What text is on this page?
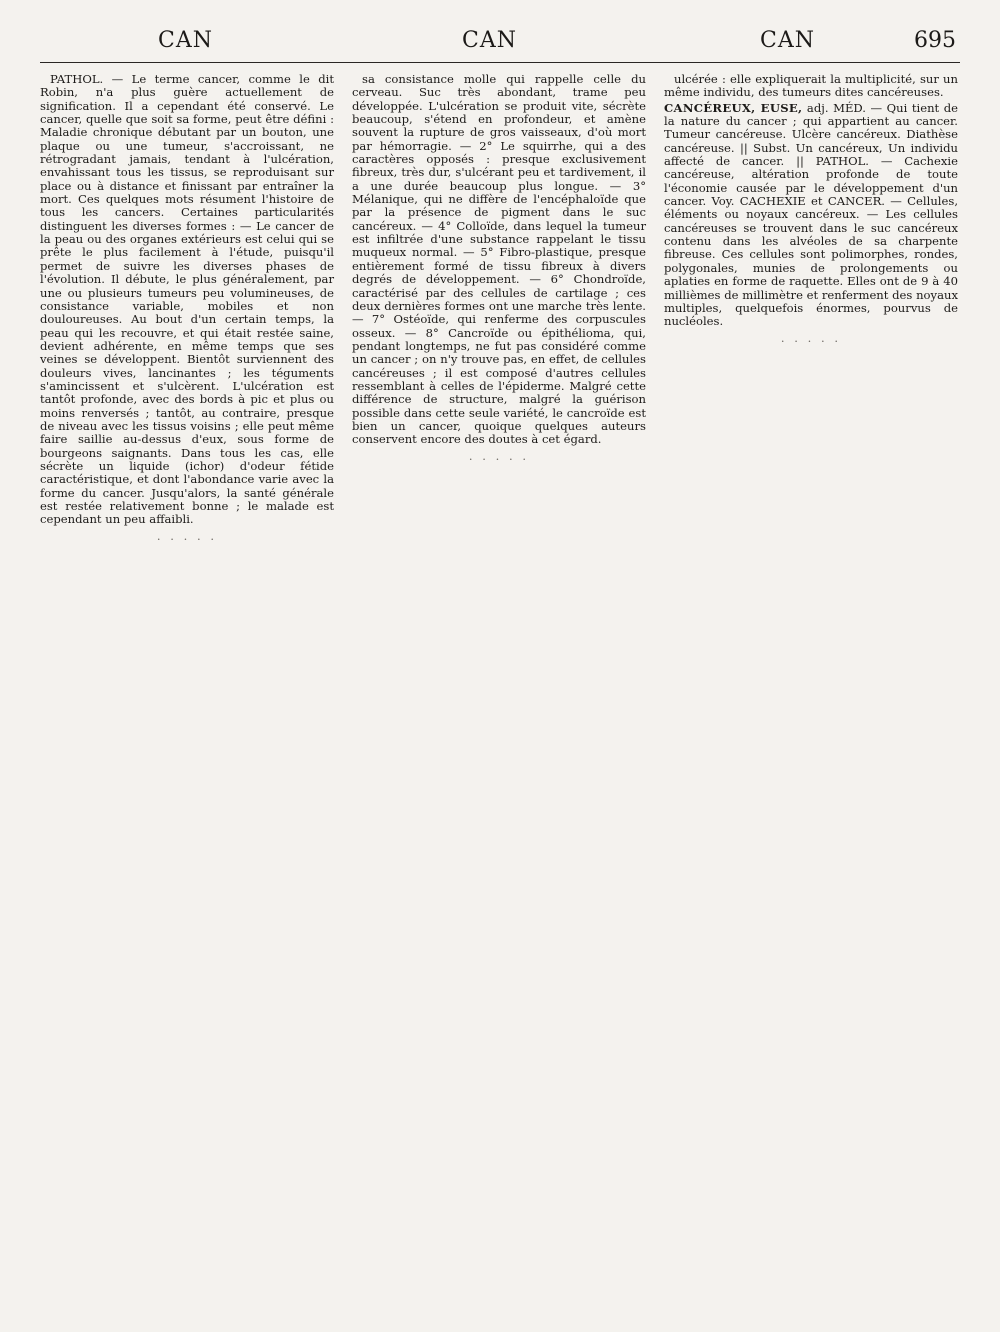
CAN	CAN	CAN	695

PATHOL. — Le terme cancer, comme le dit Robin, n'a plus guère actuellement de signification. Il a cependant été conservé. Le cancer, quelle que soit sa forme, peut être défini : Maladie chronique débutant par un bouton, une plaque ou une tumeur, s'accroissant, ne rétrogradant jamais, tendant à l'ulcération, envahissant tous les tissus, se reproduisant sur place ou à distance et finissant par entraîner la mort. Ces quelques mots résument l'histoire de tous les cancers. Certaines particularités distinguent les diverses formes : — Le cancer de la peau ou des organes extérieurs est celui qui se prête le plus facilement à l'étude, puisqu'il permet de suivre les diverses phases de l'évolution. Il débute, le plus généralement, par une ou plusieurs tumeurs peu volumineuses, de consistance variable, mobiles et non douloureuses. Au bout d'un certain temps, la peau qui les recouvre, et qui était restée saine, devient adhérente, en même temps que ses veines se développent. Bientôt surviennent des douleurs vives, lancinantes ; les téguments s'amincissent et s'ulcèrent. L'ulcération est tantôt profonde, avec des bords à pic et plus ou moins renversés ; tantôt, au contraire, presque de niveau avec les tissus voisins ; elle peut même faire saillie au-dessus d'eux, sous forme de bourgeons saignants. Dans tous les cas, elle sécrète un liquide (ichor) d'odeur fétide caractéristique, et dont l'abondance varie avec la forme du cancer. Jusqu'alors, la santé générale est restée relativement bonne ; le malade est cependant un peu affaibli.

· · · · ·

sa consistance molle qui rappelle celle du cerveau. Suc très abondant, trame peu développée. L'ulcération se produit vite, sécrète beaucoup, s'étend en profondeur, et amène souvent la rupture de gros vaisseaux, d'où mort par hémorragie. — 2° Le squirrhe, qui a des caractères opposés : presque exclusivement fibreux, très dur, s'ulcérant peu et tardivement, il a une durée beaucoup plus longue. — 3° Mélanique, qui ne diffère de l'encéphaloïde que par la présence de pigment dans le suc cancéreux. — 4° Colloïde, dans lequel la tumeur est infiltrée d'une substance rappelant le tissu muqueux normal. — 5° Fibro-plastique, presque entièrement formé de tissu fibreux à divers degrés de développement. — 6° Chondroïde, caractérisé par des cellules de cartilage ; ces deux dernières formes ont une marche très lente. — 7° Ostéoïde, qui renferme des corpuscules osseux. — 8° Cancroïde ou épithélioma, qui, pendant longtemps, ne fut pas considéré comme un cancer ; on n'y trouve pas, en effet, de cellules cancéreuses ; il est composé d'autres cellules ressemblant à celles de l'épiderme. Malgré cette différence de structure, malgré la guérison possible dans cette seule variété, le cancroïde est bien un cancer, quoique quelques auteurs conservent encore des doutes à cet égard.

· · · · ·

ulcérée : elle expliquerait la multiplicité, sur un même individu, des tumeurs dites cancéreuses.

CANCÉREUX, EUSE, adj. MÉD. — Qui tient de la nature du cancer ; qui appartient au cancer. Tumeur cancéreuse. Ulcère cancéreux. Diathèse cancéreuse. || Subst. Un cancéreux, Un individu affecté de cancer. || PATHOL. — Cachexie cancéreuse, altération profonde de toute l'économie causée par le développement d'un cancer. Voy. CACHEXIE et CANCER. — Cellules, éléments ou noyaux cancéreux. — Les cellules cancéreuses se trouvent dans le suc cancéreux contenu dans les alvéoles de sa charpente fibreuse. Ces cellules sont polimorphes, rondes, polygonales, munies de prolongements ou aplaties en forme de raquette. Elles ont de 9 à 40 millièmes de millimètre et renferment des noyaux multiples, quelquefois énormes, pourvus de nucléoles.

· · · · ·
